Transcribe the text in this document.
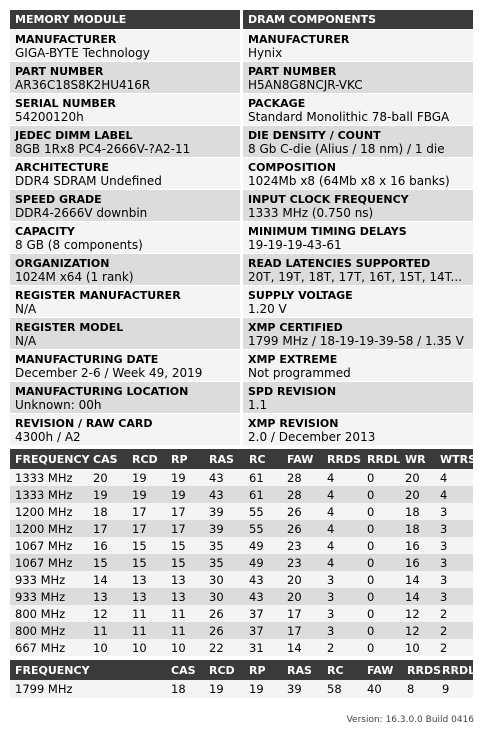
MEMORY MODULE
MANUFACTURER
GIGA-BYTE Technology
PART NUMBER
AR36C18S8K2HU416R
SERIAL NUMBER
54200120h
JEDEC DIMM LABEL
8GB 1Rx8 PC4-2666V-?A2-11
ARCHITECTURE
DDR4 SDRAM Undefined
SPEED GRADE
DDR4-2666V downbin
CAPACITY
8 GB (8 components)
ORGANIZATION
1024M x64 (1 rank)
REGISTER MANUFACTURER
N/A
REGISTER MODEL
N/A
MANUFACTURING DATE
December 2-6 / Week 49, 2019
MANUFACTURING LOCATION
Unknown: 00h
REVISION / RAW CARD
4300h / A2
DRAM COMPONENTS
MANUFACTURER
Hynix
PART NUMBER
H5AN8G8NCJR-VKC
PACKAGE
Standard Monolithic 78-ball FBGA
DIE DENSITY / COUNT
8 Gb C-die (Alius / 18 nm) / 1 die
COMPOSITION
1024Mb x8 (64Mb x8 x 16 banks)
INPUT CLOCK FREQUENCY
1333 MHz (0.750 ns)
MINIMUM TIMING DELAYS
19-19-19-43-61
READ LATENCIES SUPPORTED
20T, 19T, 18T, 17T, 16T, 15T, 14T...
SUPPLY VOLTAGE
1.20 V
XMP CERTIFIED
1799 MHz / 18-19-19-39-58 / 1.35 V
XMP EXTREME
Not programmed
SPD REVISION
1.1
XMP REVISION
2.0 / December 2013
FREQUENCY	CAS	RCD	RP	RAS	RC	FAW	RRDS	RRDL	WR	WTRS
1333 MHz	20	19	19	43	61	28	4	0	20	4
1333 MHz	19	19	19	43	61	28	4	0	20	4
1200 MHz	18	17	17	39	55	26	4	0	18	3
1200 MHz	17	17	17	39	55	26	4	0	18	3
1067 MHz	16	15	15	35	49	23	4	0	16	3
1067 MHz	15	15	15	35	49	23	4	0	16	3
933 MHz	14	13	13	30	43	20	3	0	14	3
933 MHz	13	13	13	30	43	20	3	0	14	3
800 MHz	12	11	11	26	37	17	3	0	12	2
800 MHz	11	11	11	26	37	17	3	0	12	2
667 MHz	10	10	10	22	31	14	2	0	10	2
FREQUENCY		CAS	RCD	RP	RAS	RC	FAW	RRDS	RRDL
1799 MHz		18	19	19	39	58	40	8	9
Version: 16.3.0.0 Build 0416
